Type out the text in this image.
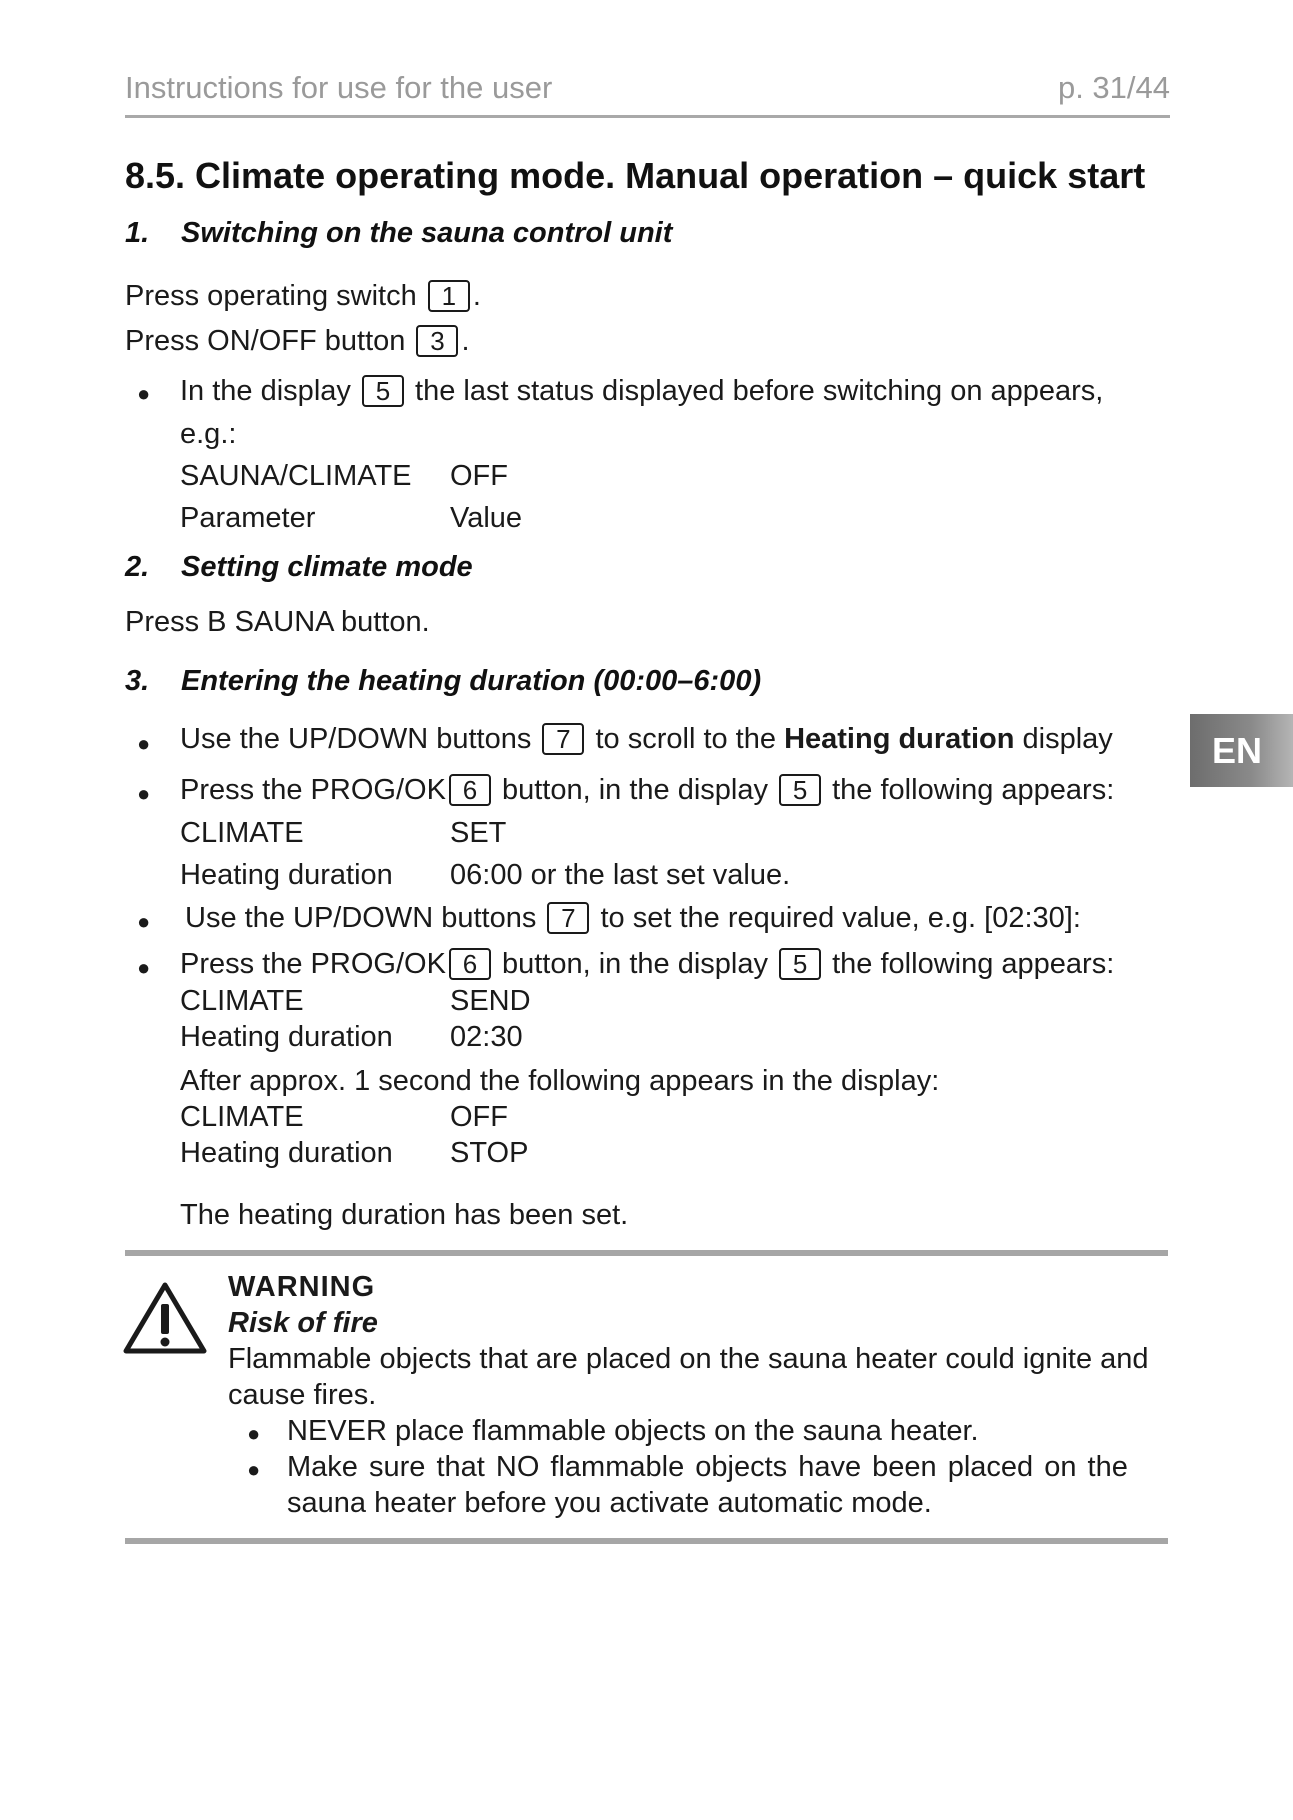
Instructions for use for the user	p. 31/44
8.5. Climate operating mode. Manual operation – quick start
1. Switching on the sauna control unit
Press operating switch 1 .
Press ON/OFF button 3 .
● In the display 5 the last status displayed before switching on appears,
e.g.:
SAUNA/CLIMATE OFF
Parameter	Value
2. Setting climate mode
Press B SAUNA button.
3. Entering the heating duration (00:00–6:00)
● Use the UP/DOWN buttons 7 to scroll to the Heating duration display
● Press the PROG/OK 6 button, in the display 5 the following appears:
CLIMATE	SET
Heating duration 06:00 or the last set value.
● Use the UP/DOWN buttons 7 to set the required value, e.g. [02:30]:
● Press the PROG/OK 6 button, in the display 5 the following appears:
CLIMATE	SEND
Heating duration 02:30
After approx. 1 second the following appears in the display:
CLIMATE	OFF
Heating duration STOP
The heating duration has been set.
EN
WARNING
Risk of fire
Flammable objects that are placed on the sauna heater could ignite and
cause fires.
● NEVER place flammable objects on the sauna heater.
● Make sure that NO flammable objects have been placed on the
sauna heater before you activate automatic mode.
